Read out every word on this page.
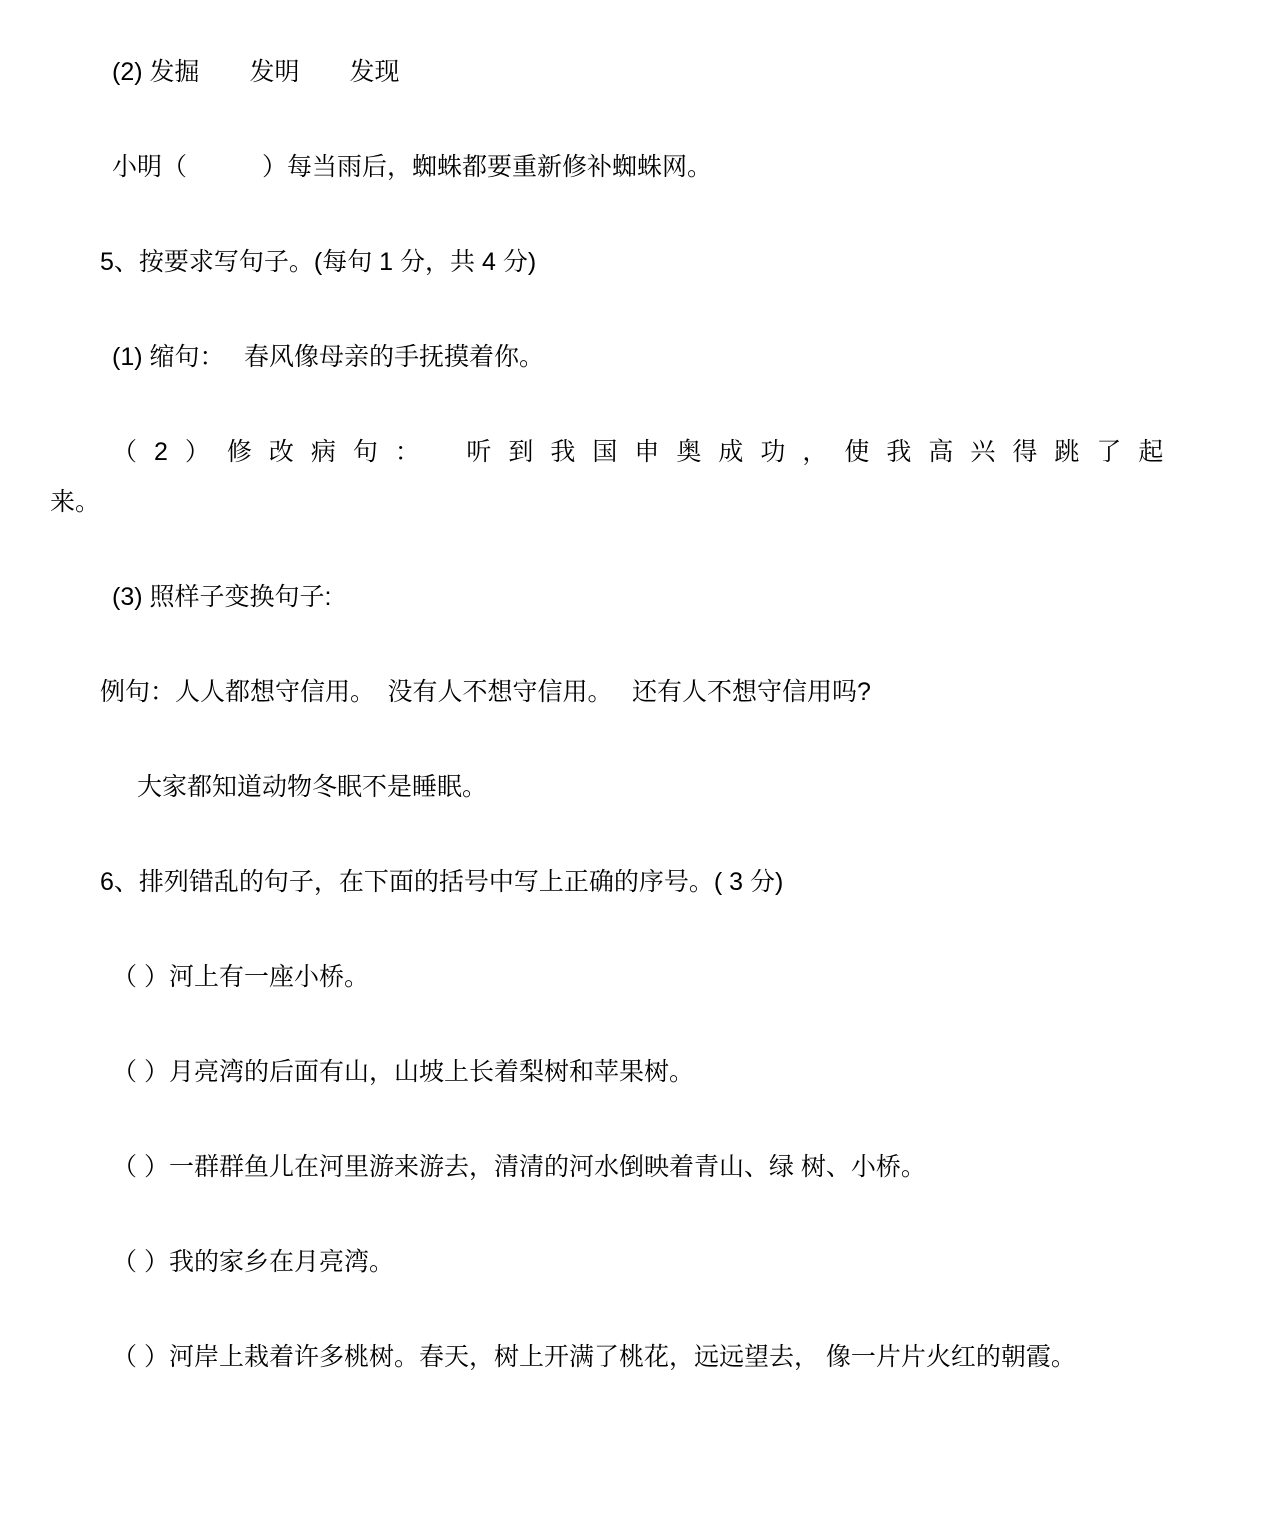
(2) 发掘　　发明　　发现
小明（　　　）每当雨后，蜘蛛都要重新修补蜘蛛网。
5、按要求写句子。(每句 1 分，共 4 分)
(1) 缩句：　 春风像母亲的手抚摸着你。
（2）修改病句：　听到我国申奥成功，使我高兴得跳了起
来。
(3) 照样子变换句子:
例句：人人都想守信用。　没有人不想守信用。　 还有人不想守信用吗?
大家都知道动物冬眠不是睡眠。
6、排列错乱的句子，在下面的括号中写上正确的序号。( 3 分)
（ ）河上有一座小桥。
（ ）月亮湾的后面有山，山坡上长着梨树和苹果树。
（ ）一群群鱼儿在河里游来游去，清清的河水倒映着青山、绿 树、小桥。
（ ）我的家乡在月亮湾。
（ ）河岸上栽着许多桃树。春天，树上开满了桃花，远远望去， 像一片片火红的朝霞。
